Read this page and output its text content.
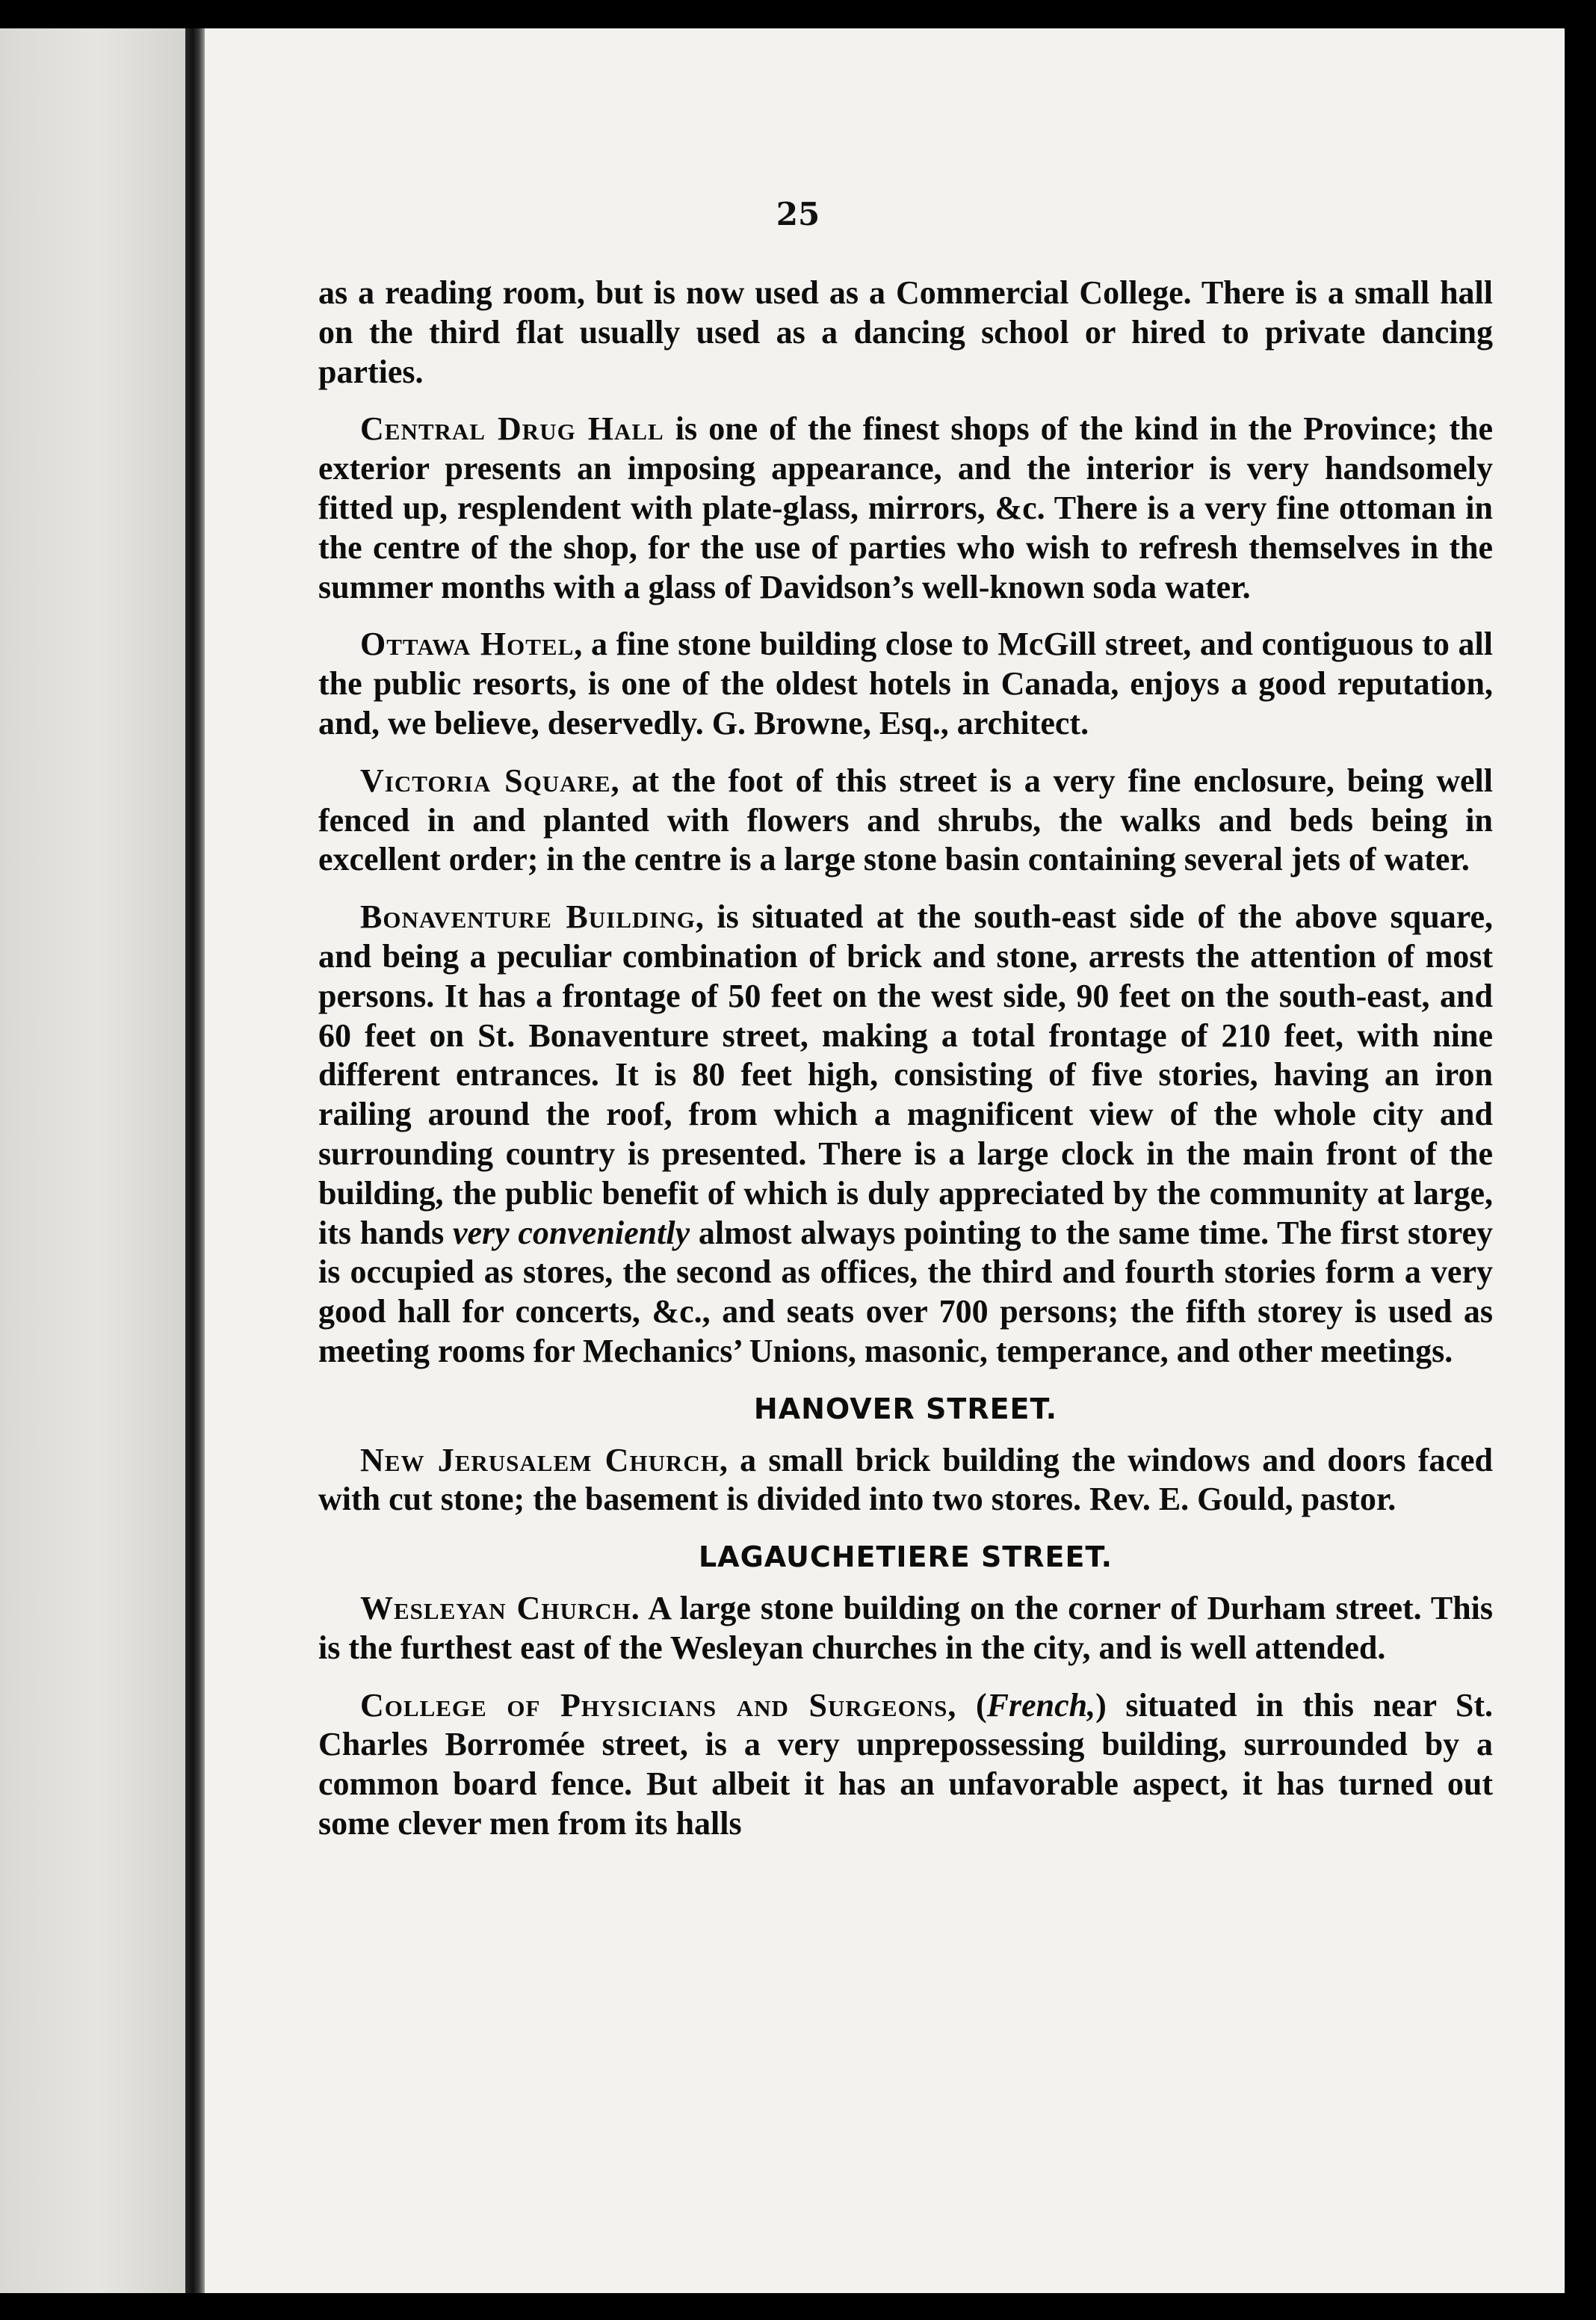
25

as a reading room, but is now used as a Commercial College. There is a small hall on the third flat usually used as a dancing school or hired to private dancing parties.

Central Drug Hall is one of the finest shops of the kind in the Province; the exterior presents an imposing appearance, and the interior is very handsomely fitted up, resplendent with plate-glass, mirrors, &c. There is a very fine ottoman in the centre of the shop, for the use of parties who wish to refresh themselves in the summer months with a glass of Davidson’s well-known soda water.

Ottawa Hotel, a fine stone building close to McGill street, and contiguous to all the public resorts, is one of the oldest hotels in Canada, enjoys a good reputation, and, we believe, deservedly. G. Browne, Esq., architect.

Victoria Square, at the foot of this street is a very fine enclosure, being well fenced in and planted with flowers and shrubs, the walks and beds being in excellent order; in the centre is a large stone basin containing several jets of water.

Bonaventure Building, is situated at the south-east side of the above square, and being a peculiar combination of brick and stone, arrests the attention of most persons. It has a frontage of 50 feet on the west side, 90 feet on the south-east, and 60 feet on St. Bonaventure street, making a total frontage of 210 feet, with nine different entrances. It is 80 feet high, consisting of five stories, having an iron railing around the roof, from which a magnificent view of the whole city and surrounding country is presented. There is a large clock in the main front of the building, the public benefit of which is duly appreciated by the community at large, its hands very conveniently almost always pointing to the same time. The first storey is occupied as stores, the second as offices, the third and fourth stories form a very good hall for concerts, &c., and seats over 700 persons; the fifth storey is used as meeting rooms for Mechanics’ Unions, masonic, temperance, and other meetings.

HANOVER STREET.

New Jerusalem Church, a small brick building the windows and doors faced with cut stone; the basement is divided into two stores. Rev. E. Gould, pastor.

LAGAUCHETIERE STREET.

Wesleyan Church. A large stone building on the corner of Durham street. This is the furthest east of the Wesleyan churches in the city, and is well attended.

College of Physicians and Surgeons, (French,) situated in this near St. Charles Borromée street, is a very unprepossessing building, surrounded by a common board fence. But albeit it has an unfavorable aspect, it has turned out some clever men from its halls
